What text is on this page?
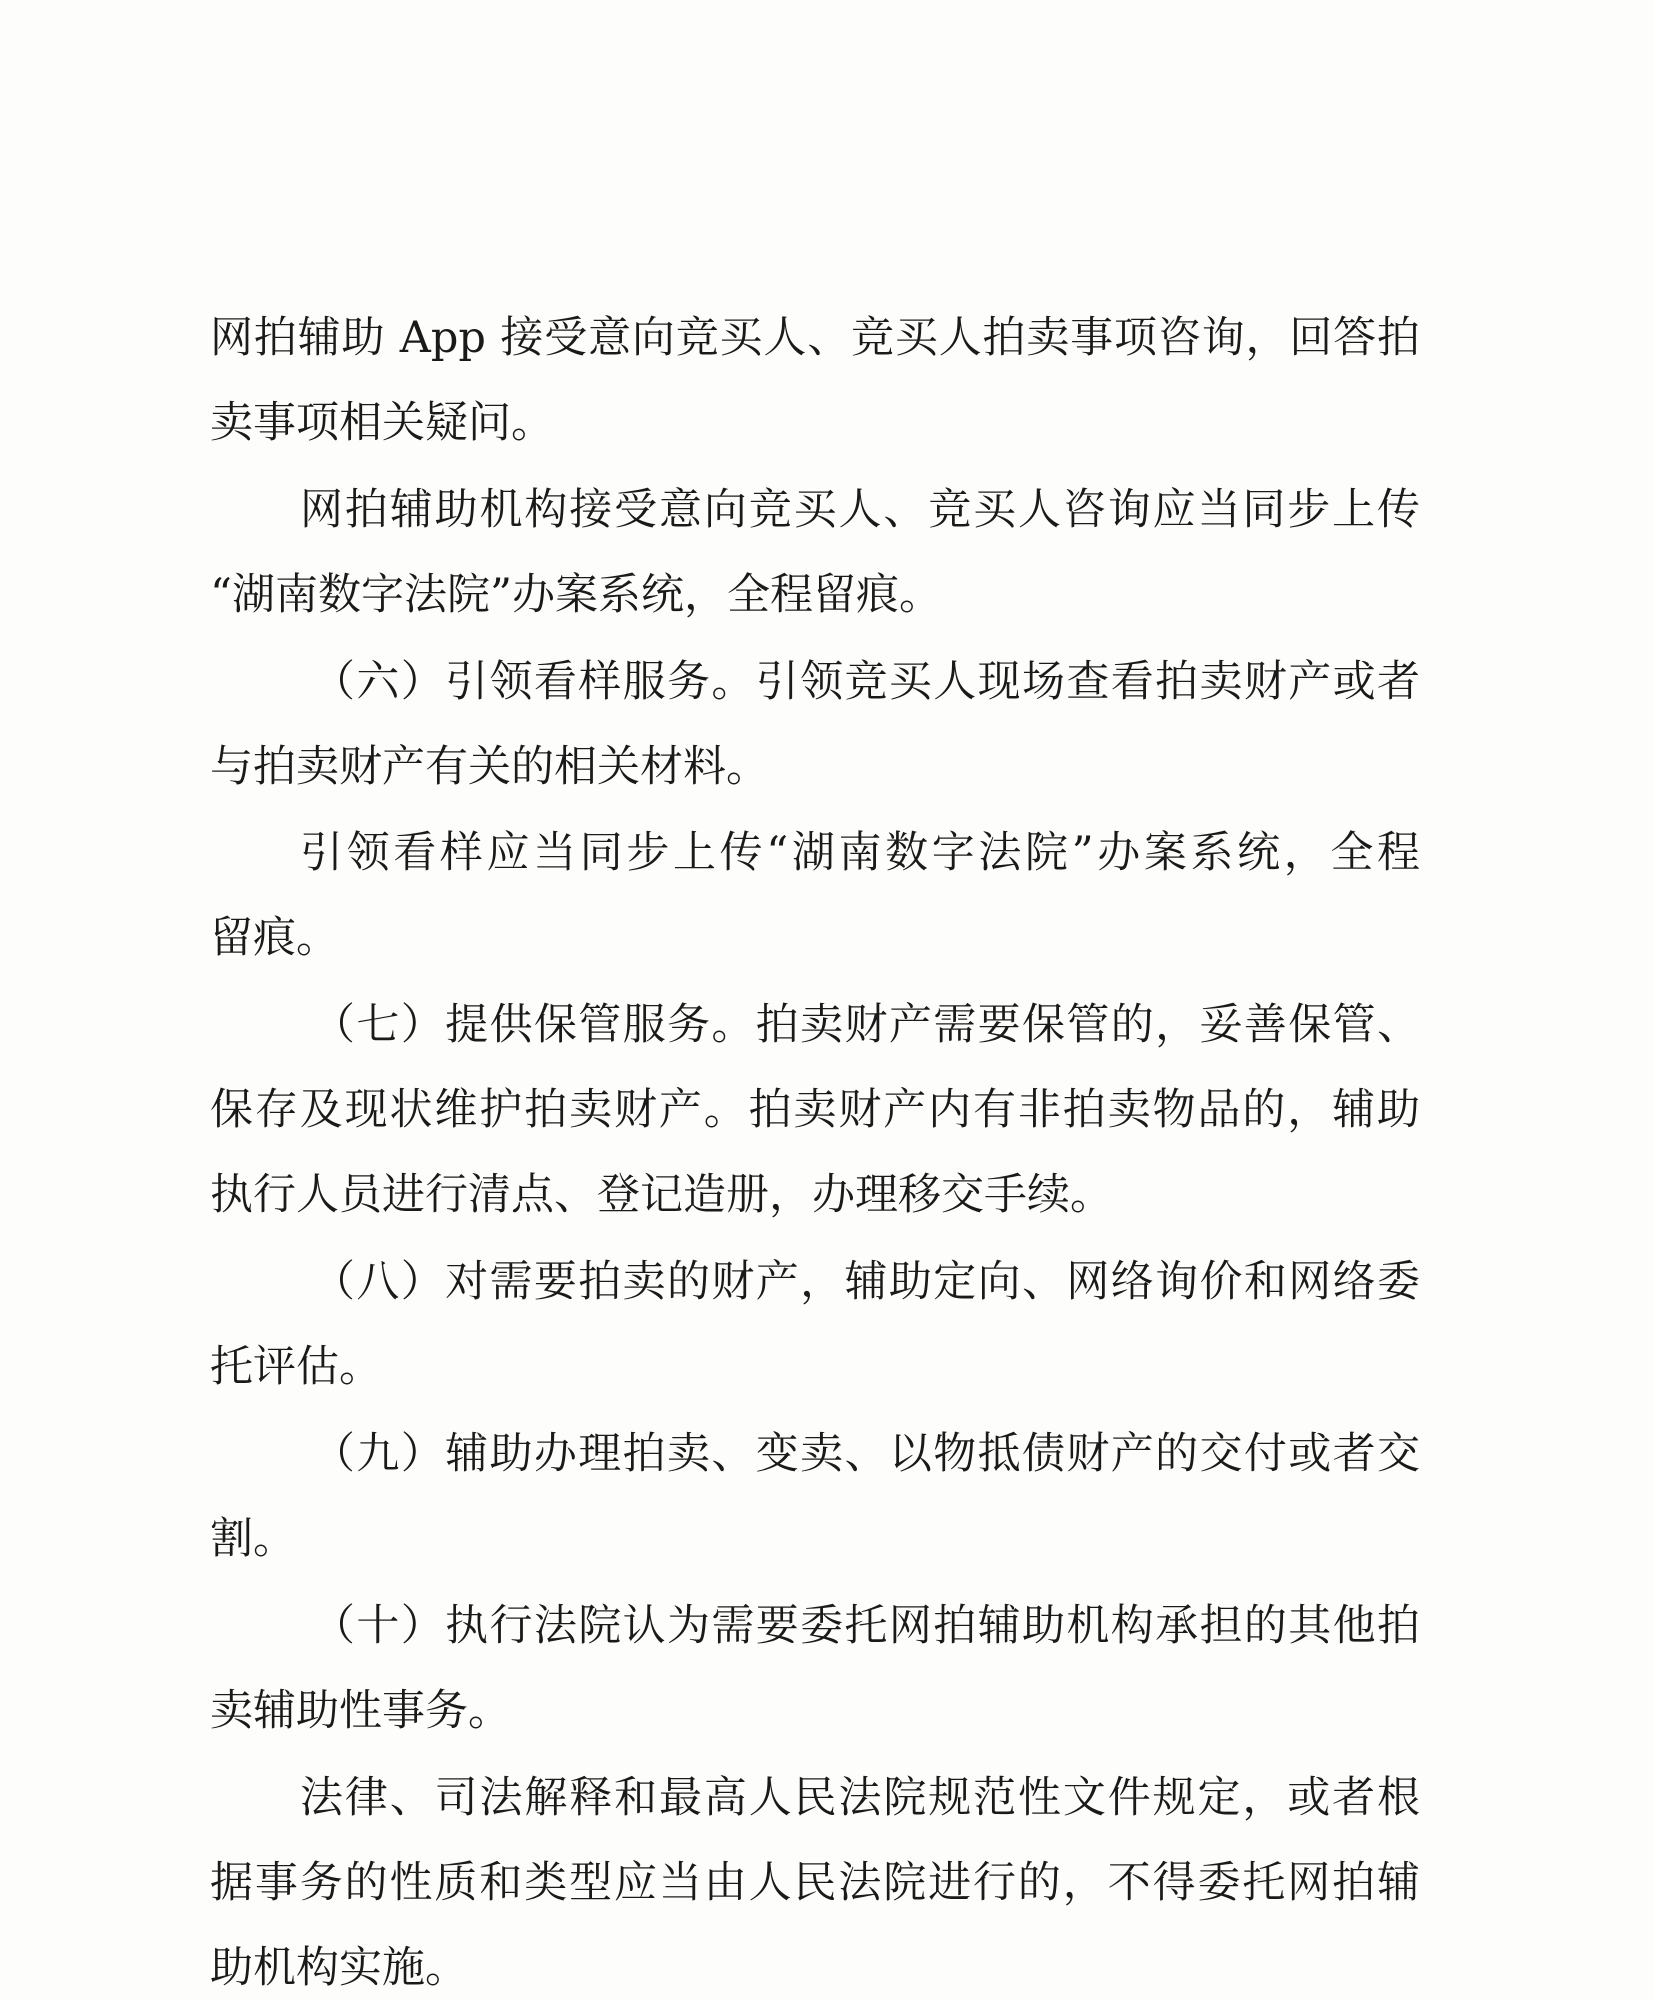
网拍辅助 App 接受意向竞买人、竞买人拍卖事项咨询，回答拍
卖事项相关疑问。
网拍辅助机构接受意向竞买人、竞买人咨询应当同步上传
“湖南数字法院”办案系统，全程留痕。
（六）引领看样服务。引领竞买人现场查看拍卖财产或者
与拍卖财产有关的相关材料。
引领看样应当同步上传“湖南数字法院”办案系统，全程
留痕。
（七）提供保管服务。拍卖财产需要保管的，妥善保管、
保存及现状维护拍卖财产。拍卖财产内有非拍卖物品的，辅助
执行人员进行清点、登记造册，办理移交手续。
（八）对需要拍卖的财产，辅助定向、网络询价和网络委
托评估。
（九）辅助办理拍卖、变卖、以物抵债财产的交付或者交
割。
（十）执行法院认为需要委托网拍辅助机构承担的其他拍
卖辅助性事务。
法律、司法解释和最高人民法院规范性文件规定，或者根
据事务的性质和类型应当由人民法院进行的，不得委托网拍辅
助机构实施。
